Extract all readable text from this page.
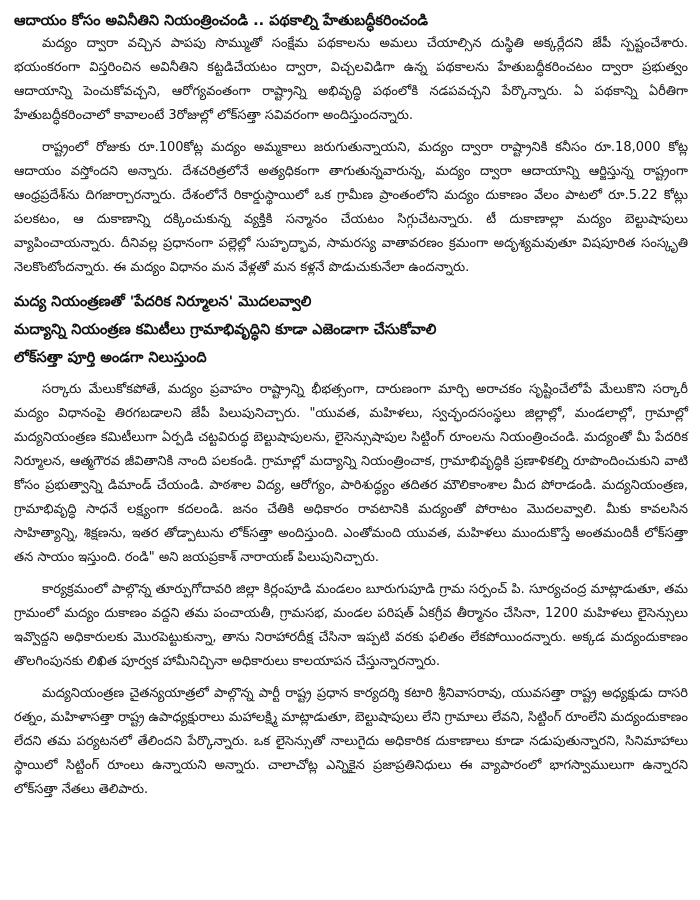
ఆదాయం కోసం అవినీతిని నియంత్రించండి .. పథకాల్ని హేతుబద్ధీకరించండి

మద్యం ద్వారా వచ్చిన పాపపు సొమ్ముతో సంక్షేమ పథకాలను అమలు చేయాల్సిన దుస్థితి అక్కర్లేదని జేపీ స్పష్టంచేశారు. భయంకరంగా విస్తరించిన అవినీతిని కట్టడిచేయటం ద్వారా, విచ్చలవిడిగా ఉన్న పథకాలను హేతుబద్ధీకరించటం ద్వారా ప్రభుత్వం ఆదాయాన్ని పెంచుకోవచ్చని, ఆరోగ్యవంతంగా రాష్ట్రాన్ని అభివృద్ధి పథంలోకి నడపవచ్చని పేర్కొన్నారు. ఏ పథకాన్ని ఏరీతిగా హేతుబద్ధీకరించాలో కావాలంటే 3రోజుల్లో లోక్‌సత్తా సవివరంగా అందిస్తుందన్నారు.

రాష్ట్రంలో రోజుకు రూ.100కోట్ల మద్యం అమ్మకాలు జరుగుతున్నాయని, మద్యం ద్వారా రాష్ట్రానికి కనీసం రూ.18,000 కోట్ల ఆదాయం వస్తోందని అన్నారు. దేశచరిత్రలోనే అత్యధికంగా తాగుతున్నవారున్న, మద్యం ద్వారా ఆదాయాన్ని ఆర్జిస్తున్న రాష్ట్రంగా ఆంధ్రప్రదేశ్‌ను దిగజార్చారన్నారు. దేశంలోనే రికార్డుస్థాయిలో ఒక గ్రామీణ ప్రాంతంలోని మద్యం దుకాణం వేలం పాటలో రూ.5.22 కోట్లు పలకటం, ఆ దుకాణాన్ని దక్కించుకున్న వ్యక్తికి సన్మానం చేయటం సిగ్గుచేటన్నారు. టీ దుకాణాల్లా మద్యం బెల్టుషాపులు వ్యాపించాయన్నారు. దీనివల్ల ప్రధానంగా పల్లెల్లో సుహృద్భావ, సామరస్య వాతావరణం క్రమంగా అదృశ్యమవుతూ విషపూరిత సంస్కృతి నెలకొంటోందన్నారు. ఈ మద్యం విధానం మన వేళ్లతో మన కళ్లనే పొడుచుకునేలా ఉందన్నారు.

మద్య నియంత్రణతో 'పేదరిక నిర్మూలన' మొదలవ్వాలి
మద్యాన్ని నియంత్రణ కమిటీలు గ్రామాభివృద్ధిని కూడా ఎజెండాగా చేసుకోవాలి
లోక్‌సత్తా పూర్తి అండగా నిలుస్తుంది

సర్కారు మేలుకోకపోతే, మద్యం ప్రవాహం రాష్ట్రాన్ని భీభత్సంగా, దారుణంగా మార్చి అరాచకం సృష్టించేలోపే మేలుకొని సర్కారీ మద్యం విధానంపై తిరగబడాలని జేపీ పిలుపునిచ్చారు. "యువత, మహిళలు, స్వచ్ఛందసంస్థలు జిల్లాల్లో, మండలాల్లో, గ్రామాల్లో మద్యనియంత్రణ కమిటీలుగా ఏర్పడి చట్టవిరుద్ధ బెల్టుషాపులను, లైసెన్సుషాపుల సిట్టింగ్ రూంలను నియంత్రించండి. మద్యంతో మీ పేదరిక నిర్మూలన, ఆత్మగౌరవ జీవితానికి నాంది పలకండి. గ్రామాల్లో మద్యాన్ని నియంత్రించాక, గ్రామాభివృద్ధికి ప్రణాళికల్ని రూపొందించుకుని వాటి కోసం ప్రభుత్వాన్ని డిమాండ్ చేయండి. పాఠశాల విద్య, ఆరోగ్యం, పారిశుద్ధ్యం తదితర మౌలికాంశాల మీద పోరాడండి. మద్యనియంత్రణ, గ్రామాభివృద్ధి సాధనే లక్ష్యంగా కదలండి. జనం చేతికి అధికారం రావటానికి మద్యంతో పోరాటం మొదలవ్వాలి. మీకు కావలసిన సాహిత్యాన్ని, శిక్షణను, ఇతర తోడ్పాటును లోక్‌సత్తా అందిస్తుంది. ఎంతోమంది యువత, మహిళలు ముందుకొస్తే అంతమందికీ లోక్‌సత్తా తన సాయం ఇస్తుంది. రండి" అని జయప్రకాశ్ నారాయణ్ పిలుపునిచ్చారు.

కార్యక్రమంలో పాల్గొన్న తూర్పుగోదావరి జిల్లా కిర్లంపూడి మండలం బూరుగుపూడి గ్రామ సర్పంచ్ పి. సూర్యచంద్ర మాట్లాడుతూ, తమ గ్రామంలో మద్యం దుకాణం వద్దని తమ పంచాయతీ, గ్రామసభ, మండల పరిషత్ ఏకగ్రీవ తీర్మానం చేసినా, 1200 మహిళలు లైసెన్సులు ఇవ్వొద్దని అధికారులకు మొరపెట్టుకున్నా, తాను నిరాహారదీక్ష చేసినా ఇప్పటి వరకు ఫలితం లేకపోయిందన్నారు. అక్కడ మద్యందుకాణం తొలగింపునకు లిఖిత పూర్వక హామీనిచ్చినా అధికారులు కాలయాపన చేస్తున్నారన్నారు.

మద్యనియంత్రణ చైతన్యయాత్రలో పాల్గొన్న పార్టీ రాష్ట్ర ప్రధాన కార్యదర్శి కటారి శ్రీనివాసరావు, యువసత్తా రాష్ట్ర అధ్యక్షుడు దాసరి రత్నం, మహిళాసత్తా రాష్ట్ర ఉపాధ్యక్షురాలు మహాలక్ష్మి మాట్లాడుతూ, బెల్టుషాపులు లేని గ్రామాలు లేవని, సిట్టింగ్ రూంలేని మద్యందుకాణం లేదని తమ పర్యటనలో తేలిందని పేర్కొన్నారు. ఒక లైసెన్సుతో నాలుగైదు అధికారిక దుకాణాలు కూడా నడుపుతున్నారని, సినిమాహాలు స్థాయిలో సిట్టింగ్ రూంలు ఉన్నాయని అన్నారు. చాలాచోట్ల ఎన్నికైన ప్రజాప్రతినిధులు ఈ వ్యాపారంలో భాగస్వాములుగా ఉన్నారని లోక్‌సత్తా నేతలు తెలిపారు.
